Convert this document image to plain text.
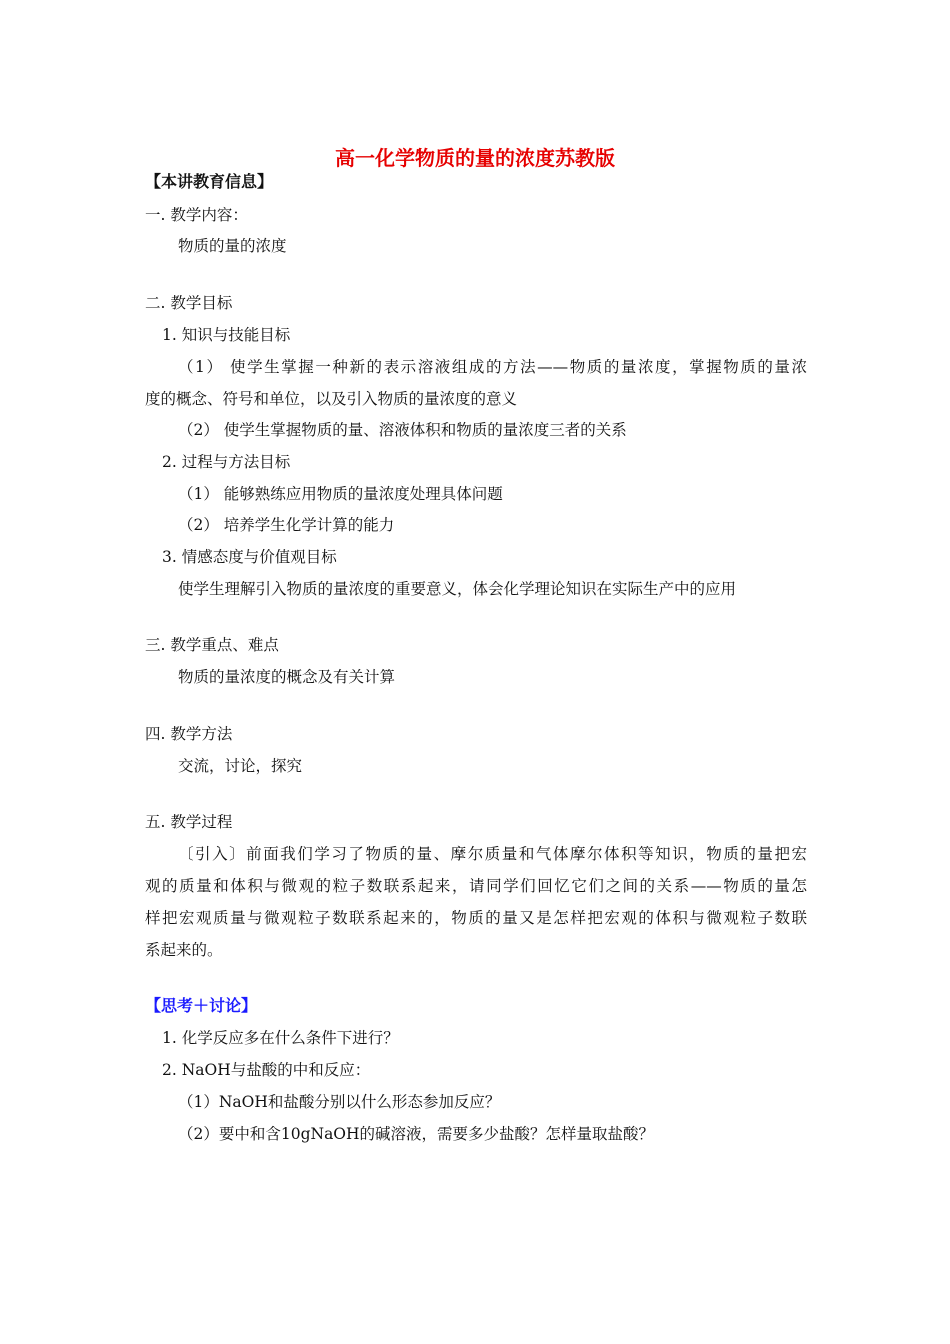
高一化学物质的量的浓度苏教版
【本讲教育信息】
一. 教学内容：
物质的量的浓度
二. 教学目标
1. 知识与技能目标
（1） 使学生掌握一种新的表示溶液组成的方法——物质的量浓度，掌握物质的量浓
度的概念、符号和单位，以及引入物质的量浓度的意义
（2） 使学生掌握物质的量、溶液体积和物质的量浓度三者的关系
2. 过程与方法目标
（1） 能够熟练应用物质的量浓度处理具体问题
（2） 培养学生化学计算的能力
3. 情感态度与价值观目标
使学生理解引入物质的量浓度的重要意义，体会化学理论知识在实际生产中的应用
三. 教学重点、难点
物质的量浓度的概念及有关计算
四. 教学方法
交流，讨论，探究
五. 教学过程
〔引入〕前面我们学习了物质的量、摩尔质量和气体摩尔体积等知识，物质的量把宏
观的质量和体积与微观的粒子数联系起来，请同学们回忆它们之间的关系——物质的量怎
样把宏观质量与微观粒子数联系起来的，物质的量又是怎样把宏观的体积与微观粒子数联
系起来的。
【思考＋讨论】
1. 化学反应多在什么条件下进行？
2. NaOH与盐酸的中和反应：
（1）NaOH和盐酸分别以什么形态参加反应？
（2）要中和含10gNaOH的碱溶液，需要多少盐酸？怎样量取盐酸？
